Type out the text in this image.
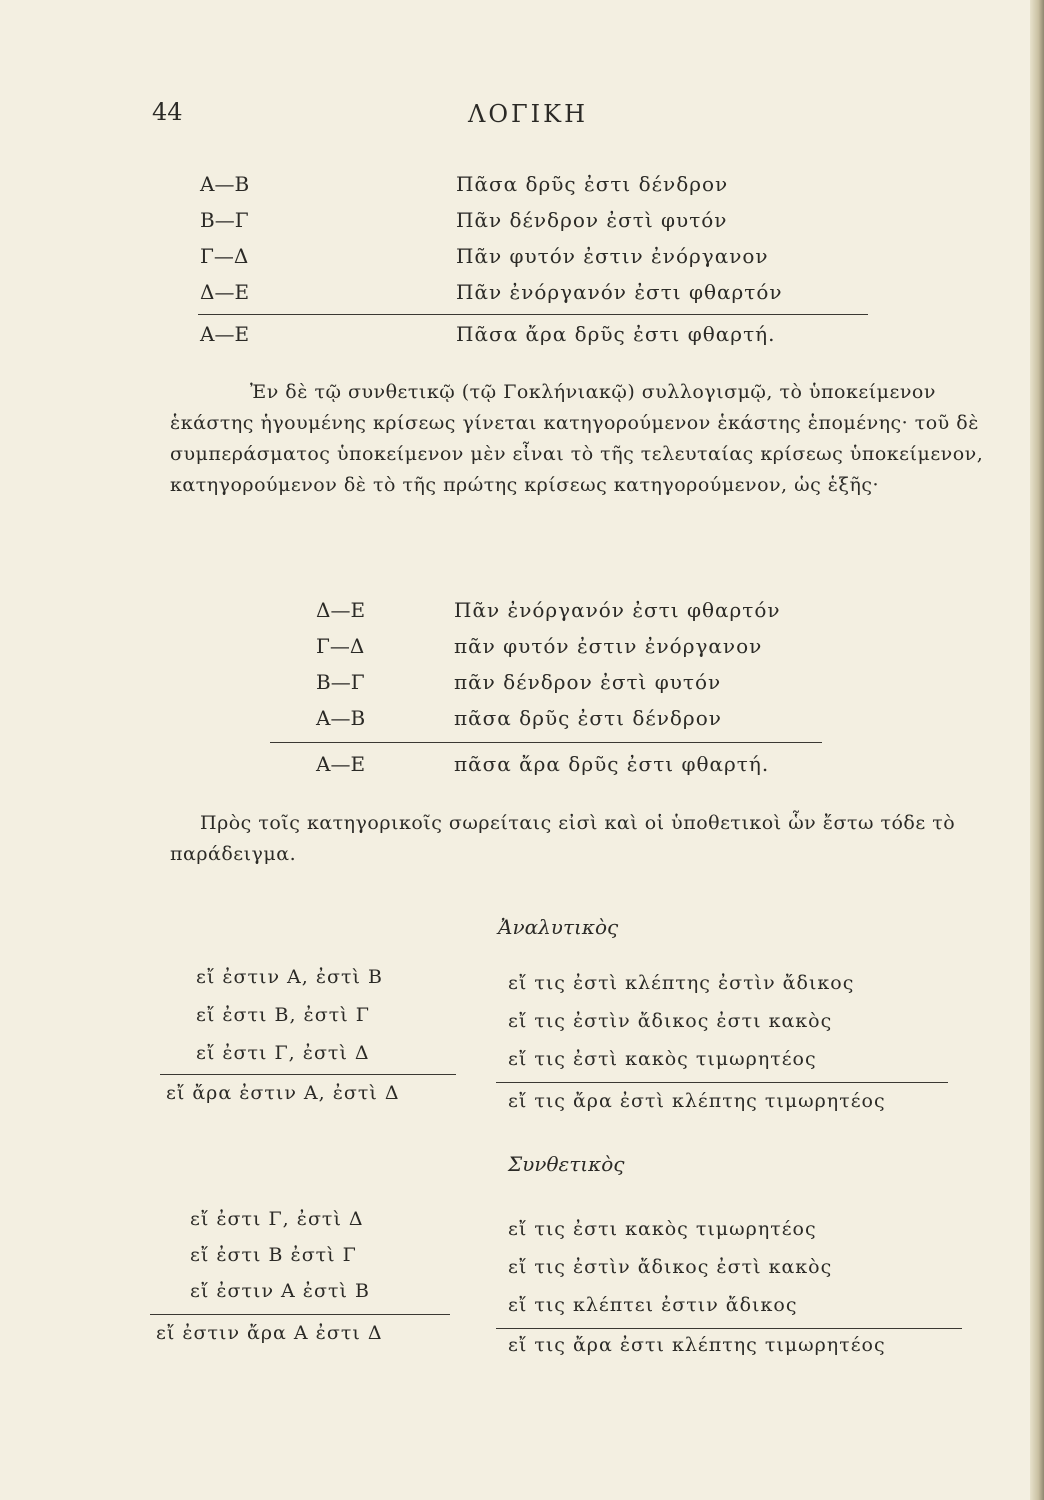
44	ΛΟΓΙΚΗ
Α—Β	Πᾶσα δρῦς ἐστι δένδρον
Β—Γ	Πᾶν δένδρον ἐστὶ φυτόν
Γ—Δ	Πᾶν φυτόν ἐστιν ἐνόργανον
Δ—Ε	Πᾶν ἐνόργανόν ἐστι φθαρτόν
Α—Ε	Πᾶσα ἄρα δρῦς ἐστι φθαρτή.
Ἐν δὲ τῷ συνθετικῷ (τῷ Γοκλήνιακῷ) συλλογισμῷ, τὸ ὑποκείμενον ἑκάστης ἡγουμένης κρίσεως γίνεται κατηγορούμενον ἑκάστης ἑπομένης· τοῦ δὲ συμπεράσματος ὑποκείμενον μὲν εἶναι τὸ τῆς τελευταίας κρίσεως ὑποκείμενον, κατηγορούμενον δὲ τὸ τῆς πρώτης κρίσεως κατηγορούμενον, ὡς ἑξῆς·
Δ—Ε	Πᾶν ἐνόργανόν ἐστι φθαρτόν
Γ—Δ	πᾶν φυτόν ἐστιν ἐνόργανον
Β—Γ	πᾶν δένδρον ἐστὶ φυτόν
Α—Β	πᾶσα δρῦς ἐστι δένδρον
Α—Ε	πᾶσα ἄρα δρῦς ἐστι φθαρτή.
Πρὸς τοῖς κατηγορικοῖς σωρείταις εἰσὶ καὶ οἱ ὑποθετικοὶ ὧν ἔστω τόδε τὸ παράδειγμα.
Ἀναλυτικὸς
εἴ ἐστιν Α, ἐστὶ Β
εἴ ἐστι Β, ἐστὶ Γ
εἴ ἐστι Γ, ἐστὶ Δ
εἴ ἄρα ἐστιν Α, ἐστὶ Δ
εἴ τις ἐστὶ κλέπτης ἐστὶν ἄδικος
εἴ τις ἐστὶν ἄδικος ἐστι κακὸς
εἴ τις ἐστὶ κακὸς τιμωρητέος
εἴ τις ἄρα ἐστὶ κλέπτης τιμωρητέος
Συνθετικὸς
εἴ ἐστι Γ, ἐστὶ Δ
εἴ ἐστι Β ἐστὶ Γ
εἴ ἐστιν Α ἐστὶ Β
εἴ ἐστιν ἄρα Α ἐστι Δ
εἴ τις ἐστι κακὸς τιμωρητέος
εἴ τις ἐστὶν ἄδικος ἐστὶ κακὸς
εἴ τις κλέπτει ἐστιν ἄδικος
εἴ τις ἄρα ἐστι κλέπτης τιμωρητέος
